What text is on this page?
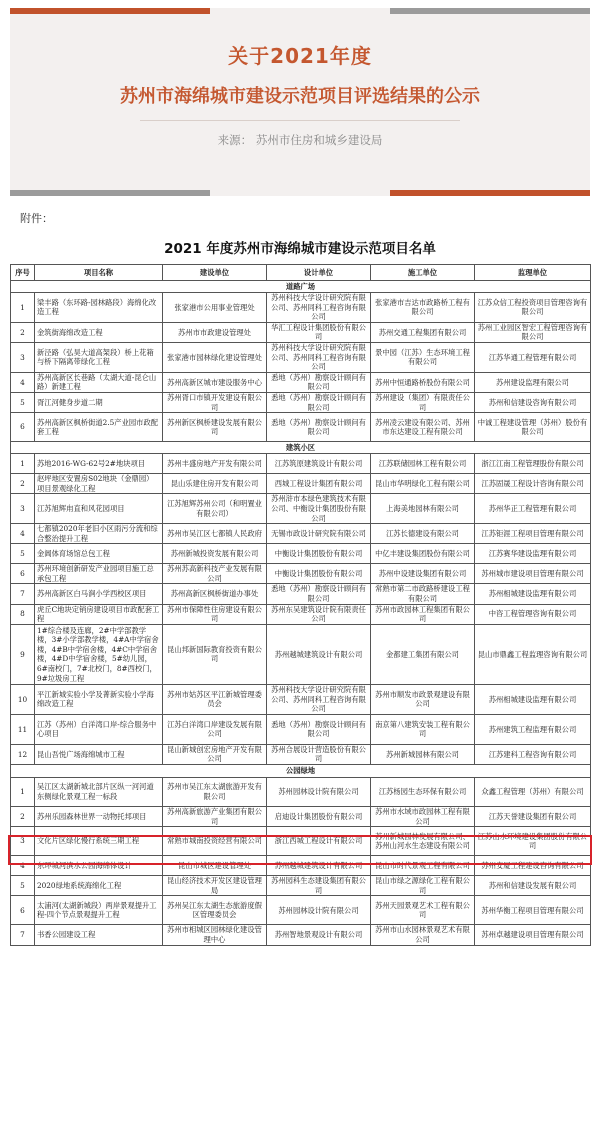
关于2021年度
苏州市海绵城市建设示范项目评选结果的公示
来源： 苏州市住房和城乡建设局
附件：
2021 年度苏州市海绵城市建设示范项目名单
序号	项目名称	建设单位	设计单位	施工单位	监理单位
道路广场					
1	梁丰路（东环路-园林路段）海绵化改造工程	张家港市公用事业管理处	苏州科技大学设计研究院有限公司、苏州同科工程咨询有限公司	张家港市吉达市政路桥工程有限公司	江苏众信工程投资项目管理咨询有限公司
2	金筑街海绵改造工程	苏州市市政建设管理处	华汇工程设计集团股份有限公司	苏州交通工程集团有限公司	苏州工业园区智宏工程管理咨询有限公司
3	新泾路（弘昊大道高架段）桥上花箱与桥下隔离带绿化工程	张家港市园林绿化建设管理处	苏州科技大学设计研究院有限公司、苏州同科工程咨询有限公司	景中园（江苏）生态环境工程有限公司	江苏华通工程管理有限公司
4	苏州高新区长巷路（太湖大道-昆仑山路）新建工程	苏州高新区城市建设服务中心	悉地（苏州）勘察设计顾问有限公司	苏州中恒通路桥股份有限公司	苏州建设监理有限公司
5	胥江河健身步道二期	苏州胥口市镇开发建设有限公司	悉地（苏州）勘察设计顾问有限公司	苏州建设（集团）有限责任公司	苏州和信建设咨询有限公司
6	苏州高新区枫桥街道2.5产业园市政配套工程	苏州新区枫桥建设发展有限公司	悉地（苏州）勘察设计顾问有限公司	苏州凌云建设有限公司、苏州市东达建设工程有限公司	中诚工程建设管理（苏州）股份有限公司
建筑小区					
1	苏地2016-WG-62号2#地块项目	苏州丰盛房地产开发有限公司	江苏筑原建筑设计有限公司	江苏联储园林工程有限公司	浙江江南工程管理股份有限公司
2	赵坪地区安置房S02地块（金鼎园）项目景观绿化工程	昆山乐建住房开发有限公司	西城工程设计集团有限公司	昆山市华明绿化工程有限公司	江苏固晟工程设计咨询有限公司
3	江苏旭辉甪直和风花园项目	江苏旭辉苏州公司（和明置业有限公司）	苏州浒市本绿色建筑技术有限公司、中衡设计集团股份有限公司	上海美地园林有限公司	苏州华正工程管理有限公司
4	七都镇2020年老旧小区雨污分流和综合整治提升工程	苏州市吴江区七都镇人民政府	无锡市政设计研究院有限公司	江苏长德建设有限公司	江苏钜涯工程项目管理有限公司
5	金阊体育场馆总包工程	苏州新城投资发展有限公司	中衡设计集团股份有限公司	中亿丰建设集团股份有限公司	江苏赛华建设监理有限公司
6	苏州环境创新研发产业园项目施工总承包工程	苏州苏高新科技产业发展有限公司	中衡设计集团股份有限公司	苏州中设建设集团有限公司	苏州城市建设项目管理有限公司
7	苏州高新区白马涧小学西校区项目	苏州高新区枫桥街道办事处	悉地（苏州）勘察设计顾问有限公司	常熟市第二市政路桥建设工程有限公司	苏州相城建设监理有限公司
8	虎丘C地块定销房建设项目市政配套工程	苏州市保障性住房建设有限公司	苏州东吴建筑设计院有限责任公司	苏州市政园林工程集团有限公司	中咨工程管理咨询有限公司
9	1#综合楼及连廊，2#中学部教学楼，3#小学部教学楼，4#A中学宿舍楼，4#B中学宿舍楼，4#C中学宿舍楼，4#D中学宿舍楼，5#幼儿园，6#南校门，7#北校门，8#西校门，9#垃圾房工程	昆山邦新国际教育投资有限公司	苏州越城建筑设计有限公司	金都建工集团有限公司	昆山市鼎鑫工程监理咨询有限公司
10	平江新城实验小学及菁新实验小学海绵改造工程	苏州市姑苏区平江新城管理委员会	苏州科技大学设计研究院有限公司、苏州同科工程咨询有限公司	苏州市顺发市政景观建设有限公司	苏州相城建设监理有限公司
11	江苏（苏州）白洋湾口岸-综合服务中心项目	江苏白洋湾口岸建设发展有限公司	悉地（苏州）勘察设计顾问有限公司	南京第八建筑安装工程有限公司	苏州建筑工程监理有限公司
12	昆山吾悦广场海绵城市工程	昆山新城创宏房地产开发有限公司	苏州合展设计营造股份有限公司	苏州新城园林有限公司	江苏建科工程咨询有限公司
公园绿地					
1	吴江区太湖新城北部片区纵一河河道东侧绿化景观工程一标段	苏州市吴江东太湖旅游开发有限公司	苏州园林设计院有限公司	江苏杨园生态环保有限公司	众鑫工程管理（苏州）有限公司
2	苏州乐园森林世界一动物托邦项目	苏州高新旅游产业集团有限公司	启迪设计集团股份有限公司	苏州市水域市政园林工程有限公司	江苏天誉建设集团有限公司
3	文化片区绿化慢行系统三期工程	常熟市城南投资经营有限公司	浙江西城工程设计有限公司	苏州新城园林发展有限公司、苏州山河水生态建设有限公司	江苏山水环境建设集团股份有限公司
4	东环城河滨水公园海绵体设计	昆山市城区建设管理处	苏州越城建筑设计有限公司	昆山市时代景观工程有限公司	苏州安厦工程建设咨询有限公司
5	2020绿地系统海绵化工程	昆山经济技术开发区建设管理局	苏州园科生态建设集团有限公司	昆山市绿之源绿化工程有限公司	苏州和信建设发展有限公司
6	太浦河(太湖新城段）两岸景观提升工程-四个节点景观提升工程	苏州吴江东太湖生态旅游度假区管理委员会	苏州园林设计院有限公司	苏州天园景观艺术工程有限公司	苏州华衡工程项目管理有限公司
7	书香公园建设工程	苏州市相城区园林绿化建设管理中心	苏州智地景观设计有限公司	苏州市山水园林景观艺术有限公司	苏州卓越建设项目管理有限公司
